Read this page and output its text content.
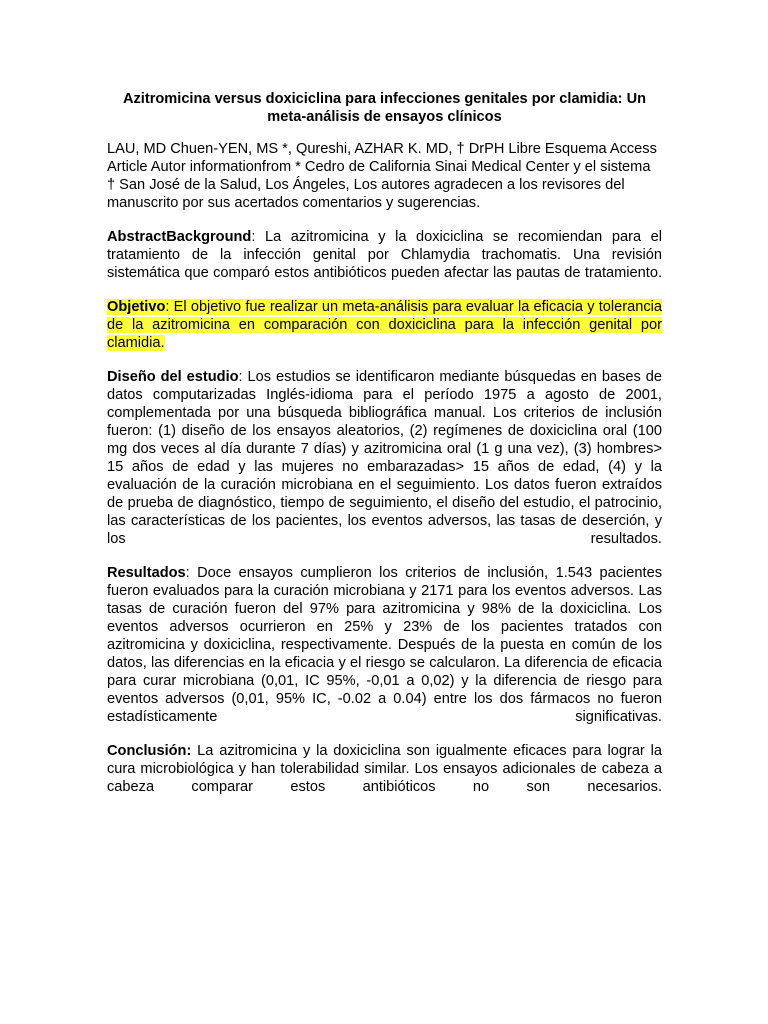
Azitromicina versus doxiciclina para infecciones genitales por clamidia: Un meta-análisis de ensayos clínicos
LAU, MD Chuen-YEN, MS *, Qureshi, AZHAR K. MD, † DrPH Libre Esquema Access Article Autor informationfrom * Cedro de California Sinai Medical Center y el sistema † San José de la Salud, Los Ángeles, Los autores agradecen a los revisores del manuscrito por sus acertados comentarios y sugerencias.
AbstractBackground: La azitromicina y la doxiciclina se recomiendan para el tratamiento de la infección genital por Chlamydia trachomatis. Una revisión sistemática que comparó estos antibióticos pueden afectar las pautas de tratamiento.
Objetivo: El objetivo fue realizar un meta-análisis para evaluar la eficacia y tolerancia de la azitromicina en comparación con doxiciclina para la infección genital por clamidia.
Diseño del estudio: Los estudios se identificaron mediante búsquedas en bases de datos computarizadas Inglés-idioma para el período 1975 a agosto de 2001, complementada por una búsqueda bibliográfica manual. Los criterios de inclusión fueron: (1) diseño de los ensayos aleatorios, (2) regímenes de doxiciclina oral (100 mg dos veces al día durante 7 días) y azitromicina oral (1 g una vez), (3) hombres> 15 años de edad y las mujeres no embarazadas> 15 años de edad, (4) y la evaluación de la curación microbiana en el seguimiento. Los datos fueron extraídos de prueba de diagnóstico, tiempo de seguimiento, el diseño del estudio, el patrocinio, las características de los pacientes, los eventos adversos, las tasas de deserción, y los resultados.
Resultados: Doce ensayos cumplieron los criterios de inclusión, 1.543 pacientes fueron evaluados para la curación microbiana y 2171 para los eventos adversos. Las tasas de curación fueron del 97% para azitromicina y 98% de la doxiciclina. Los eventos adversos ocurrieron en 25% y 23% de los pacientes tratados con azitromicina y doxiciclina, respectivamente. Después de la puesta en común de los datos, las diferencias en la eficacia y el riesgo se calcularon. La diferencia de eficacia para curar microbiana (0,01, IC 95%, -0,01 a 0,02) y la diferencia de riesgo para eventos adversos (0,01, 95% IC, -0.02 a 0.04) entre los dos fármacos no fueron estadísticamente significativas.
Conclusión: La azitromicina y la doxiciclina son igualmente eficaces para lograr la cura microbiológica y han tolerabilidad similar. Los ensayos adicionales de cabeza a cabeza comparar estos antibióticos no son necesarios.
